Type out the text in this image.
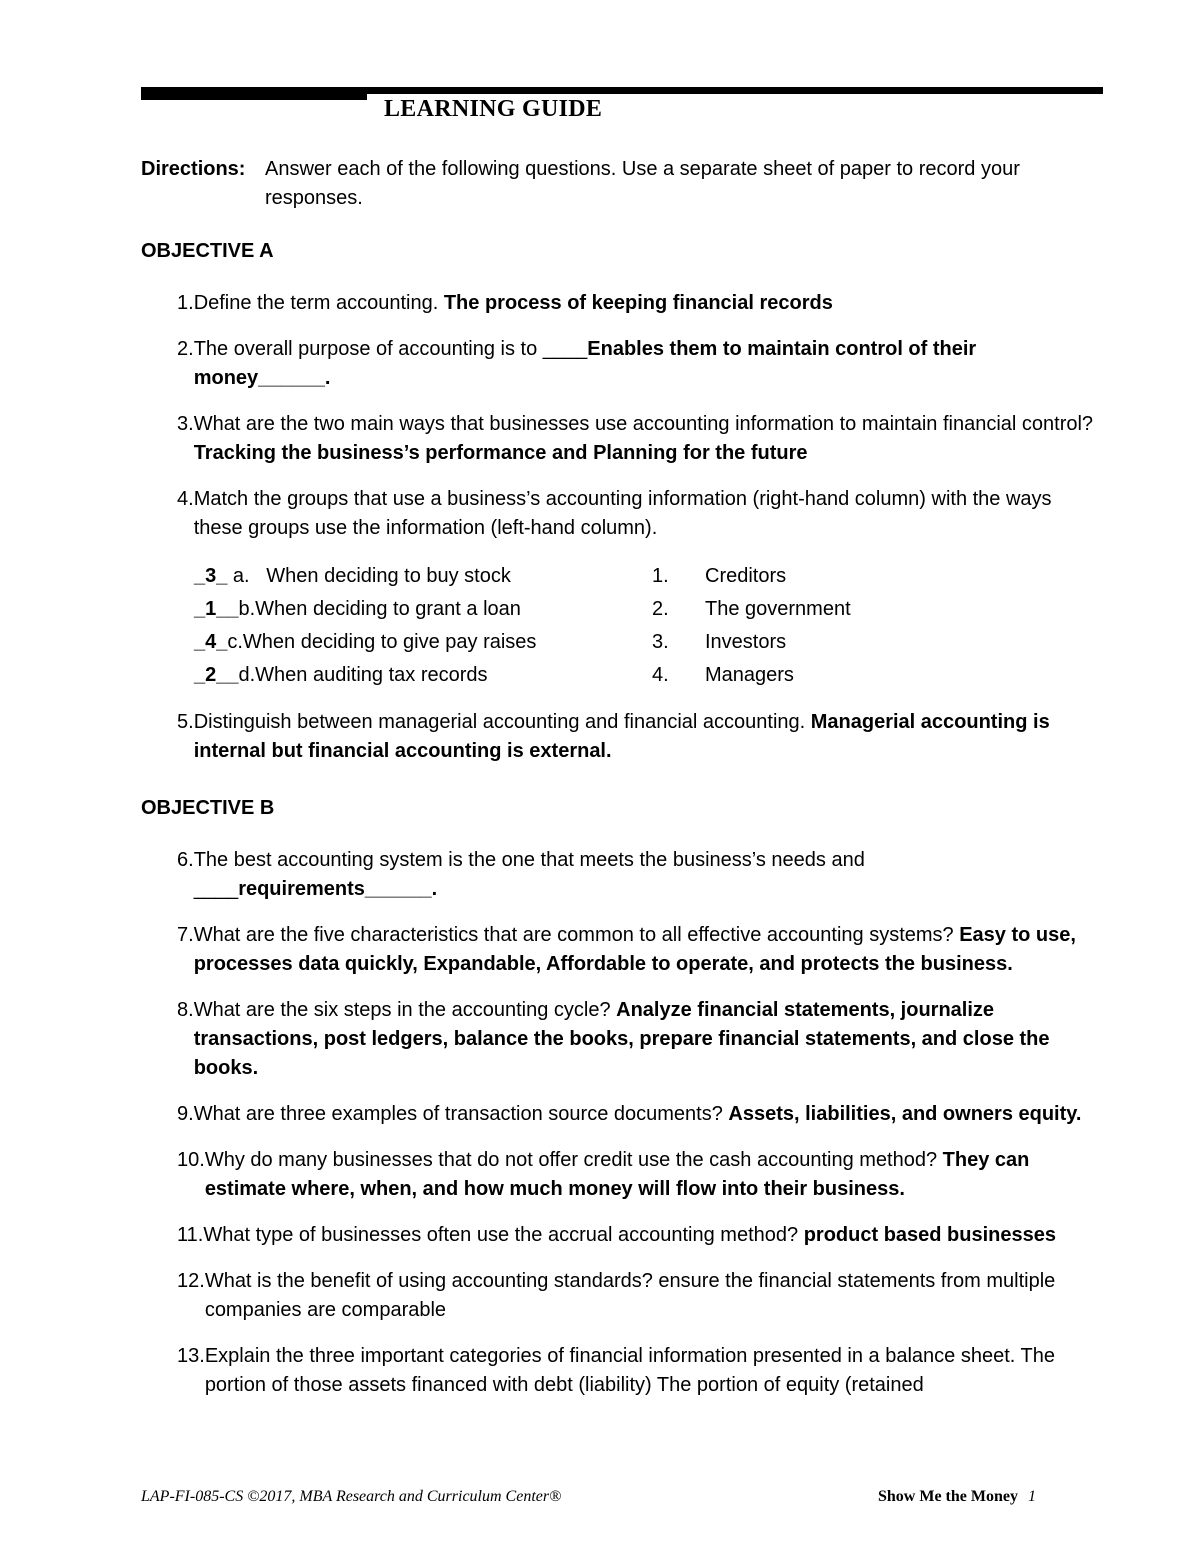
LEARNING GUIDE
Directions: Answer each of the following questions. Use a separate sheet of paper to record your responses.
OBJECTIVE A
1. Define the term accounting. The process of keeping financial records
2. The overall purpose of accounting is to ____Enables them to maintain control of their money______.
3. What are the two main ways that businesses use accounting information to maintain financial control? Tracking the business’s performance and Planning for the future
4. Match the groups that use a business’s accounting information (right-hand column) with the ways these groups use the information (left-hand column).
_3_ a.   When deciding to buy stock	1.	Creditors
_1__b.When deciding to grant a loan	2.	The government
_4_c.When deciding to give pay raises	3.	Investors
_2__d.When auditing tax records	4.	Managers
5. Distinguish between managerial accounting and financial accounting. Managerial accounting is internal but financial accounting is external.
OBJECTIVE B
6. The best accounting system is the one that meets the business’s needs and ____requirements______.
7. What are the five characteristics that are common to all effective accounting systems? Easy to use, processes data quickly, Expandable, Affordable to operate, and protects the business.
8. What are the six steps in the accounting cycle? Analyze financial statements, journalize transactions, post ledgers, balance the books, prepare financial statements, and close the books.
9. What are three examples of transaction source documents? Assets, liabilities, and owners equity.
10. Why do many businesses that do not offer credit use the cash accounting method? They can estimate where, when, and how much money will flow into their business.
11. What type of businesses often use the accrual accounting method? product based businesses
12. What is the benefit of using accounting standards? ensure the financial statements from multiple companies are comparable
13. Explain the three important categories of financial information presented in a balance sheet. The portion of those assets financed with debt (liability) The portion of equity (retained
LAP-FI-085-CS ©2017, MBA Research and Curriculum Center®	Show Me the Money 1
